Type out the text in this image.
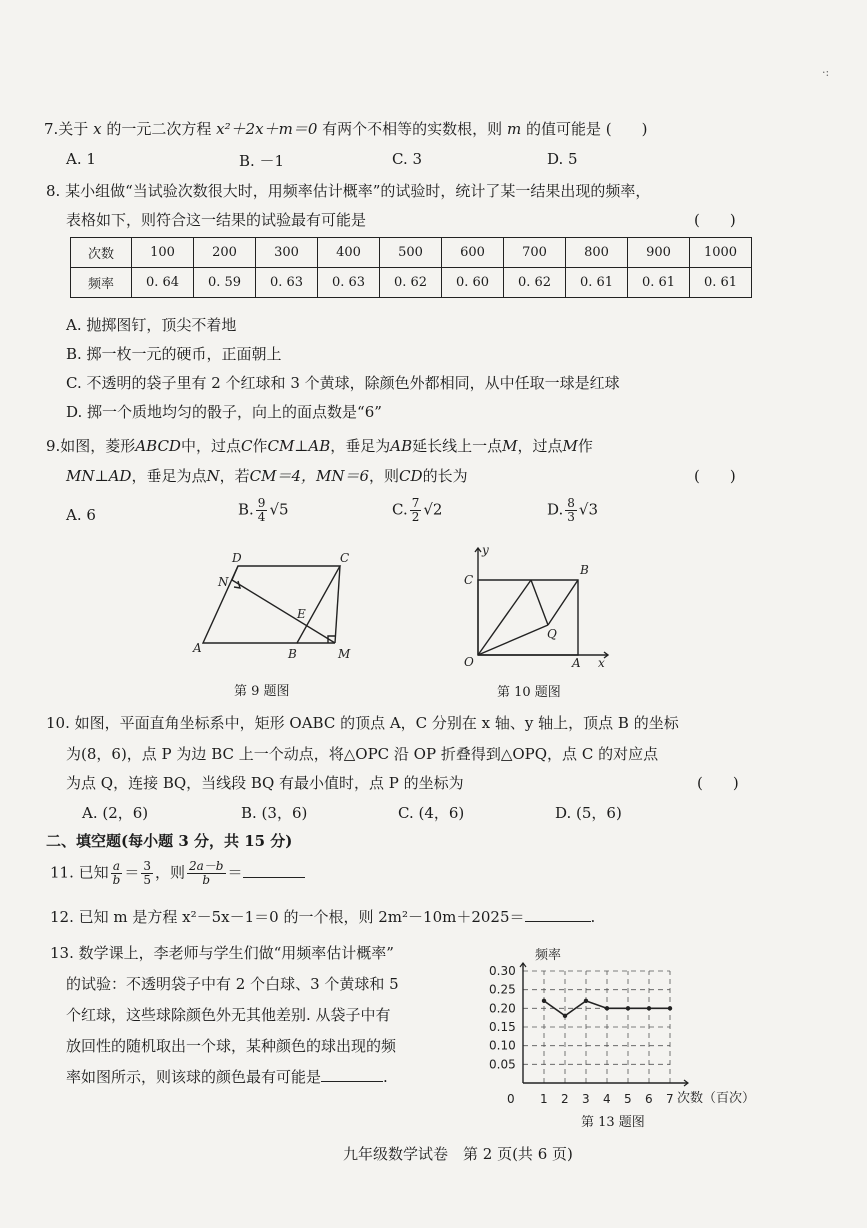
·:
7.关于 x 的一元二次方程 x²＋2x＋m＝0 有两个不相等的实数根，则 m 的值可能是 (　　)
A. 1	B. －1	C. 3	D. 5
8. 某小组做“当试验次数很大时，用频率估计概率”的试验时，统计了某一结果出现的频率，
表格如下，则符合这一结果的试验最有可能是	(　　)
次数	100	200	300	400	500	600	700	800	900	1000
频率	0. 64	0. 59	0. 63	0. 63	0. 62	0. 60	0. 62	0. 61	0. 61	0. 61
A. 抛掷图钉，顶尖不着地
B. 掷一枚一元的硬币，正面朝上
C. 不透明的袋子里有 2 个红球和 3 个黄球，除颜色外都相同，从中任取一球是红球
D. 掷一个质地均匀的骰子，向上的面点数是“6”
9.如图，菱形ABCD中，过点C作CM⊥AB，垂足为AB延长线上一点M，过点M作
MN⊥AD，垂足为点N，若CM＝4，MN＝6，则CD的长为	(　　)
A. 6	B. $\frac{9}{4} √5$	C. $\frac{7}{2} √2$	D. $\frac{8}{3} √3$
D	C
N
E
A	B	M
第 9 题图
y
x
C
B
Q
O	A
第 10 题图
10. 如图，平面直角坐标系中，矩形 OABC 的顶点 A，C 分别在 x 轴、y 轴上，顶点 B 的坐标
为(8，6)，点 P 为边 BC 上一个动点，将△OPC 沿 OP 折叠得到△OPQ，点 C 的对应点
为点 Q，连接 BQ，当线段 BQ 有最小值时，点 P 的坐标为	(　　)
A. (2，6)	B. (3，6)	C. (4，6)	D. (5，6)
二、填空题(每小题 3 分，共 15 分)
11. 已知 $\frac{a}{b} = \frac{3}{5}$ ，则 $\frac{2a-b}{b}$ ＝
12. 已知 m 是方程 x²－5x－1＝0 的一个根，则 2m²－10m＋2025＝	.
13. 数学课上，李老师与学生们做“用频率估计概率”
的试验：不透明袋子中有 2 个白球、3 个黄球和 5
个红球，这些球除颜色外无其他差别. 从袋子中有
放回性的随机取出一个球，某种颜色的球出现的频
率如图所示，则该球的颜色最有可能是	.
频率
次数（百次）
0.05
0.10
0.15
0.20
0.25
0.30
0 1 2 3 4 5 6 7
第 13 题图
九年级数学试卷　第 2 页(共 6 页)
